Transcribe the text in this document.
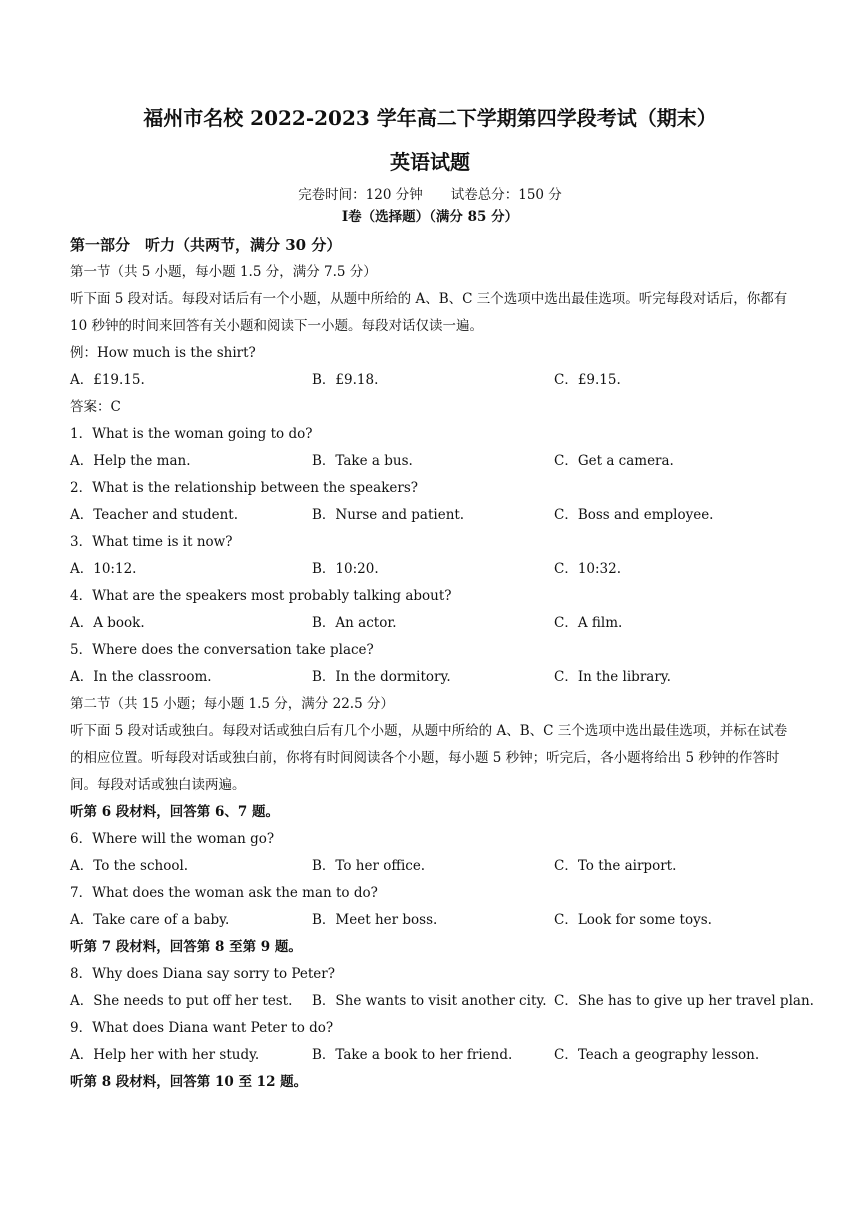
福州市名校 2022-2023 学年高二下学期第四学段考试（期末）
英语试题
完卷时间：120 分钟 试卷总分：150 分
I卷（选择题）（满分 85 分）
第一部分　听力（共两节，满分 30 分）
第一节（共 5 小题，每小题 1.5 分，满分 7.5 分）
听下面 5 段对话。每段对话后有一个小题，从题中所给的 A、B、C 三个选项中选出最佳选项。听完每段对话后，你都有 10 秒钟的时间来回答有关小题和阅读下一小题。每段对话仅读一遍。
例：How much is the shirt?
A．£19.15.	B．£9.18.	C．£9.15.
答案：C
1．What is the woman going to do?
A．Help the man.	B．Take a bus.	C．Get a camera.
2．What is the relationship between the speakers?
A．Teacher and student.	B．Nurse and patient.	C．Boss and employee.
3．What time is it now?
A．10:12.	B．10:20.	C．10:32.
4．What are the speakers most probably talking about?
A．A book.	B．An actor.	C．A film.
5．Where does the conversation take place?
A．In the classroom.	B．In the dormitory.	C．In the library.
第二节（共 15 小题；每小题 1.5 分，满分 22.5 分）
听下面 5 段对话或独白。每段对话或独白后有几个小题，从题中所给的 A、B、C 三个选项中选出最佳选项，并标在试卷的相应位置。听每段对话或独白前，你将有时间阅读各个小题，每小题 5 秒钟；听完后，各小题将给出 5 秒钟的作答时间。每段对话或独白读两遍。
听第 6 段材料，回答第 6、7 题。
6．Where will the woman go?
A．To the school.	B．To her office.	C．To the airport.
7．What does the woman ask the man to do?
A．Take care of a baby.	B．Meet her boss.	C．Look for some toys.
听第 7 段材料，回答第 8 至第 9 题。
8．Why does Diana say sorry to Peter?
A．She needs to put off her test.	B．She wants to visit another city. C．She has to give up her travel plan.
9．What does Diana want Peter to do?
A．Help her with her study.	B．Take a book to her friend.	C．Teach a geography lesson.
听第 8 段材料，回答第 10 至 12 题。
